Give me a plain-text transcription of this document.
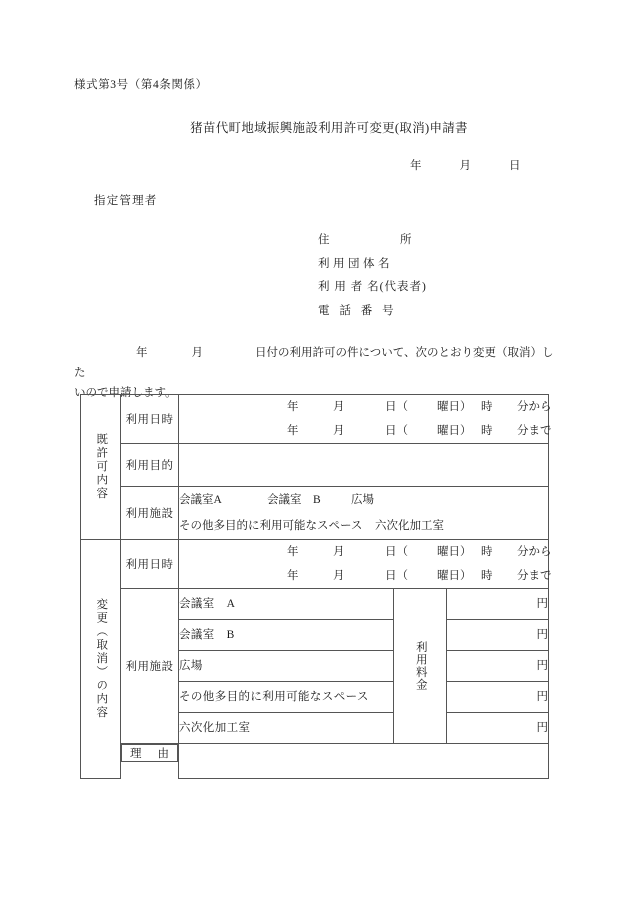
様式第3号（第4条関係）
猪苗代町地域振興施設利用許可変更(取消)申請書
年	月	日
指定管理者
住　　　所
利用団体名
利 用 者 名(代表者)
電 話 番 号
年	月	日付の利用許可の件について、次のとおり変更（取消）した
いので申請します。
既許可内容	利用日時	年 月 日（ 曜日） 時 分から
年 月 日（ 曜日） 時 分まで		

	利用目的			
	利用施設	会議室A 会議室　B 広場
その他多目的に利用可能なスペース 六次化加工室		

変更（取消）の内容	利用日時	年 月 日（ 曜日） 時 分から
年 月 日（ 曜日） 時 分まで		

	利用施設	会議室　A	利用料金	円
		会議室　B		円
		広場		円
		その他多目的に利用可能なスペース		円
		六次化加工室		円

理 由
